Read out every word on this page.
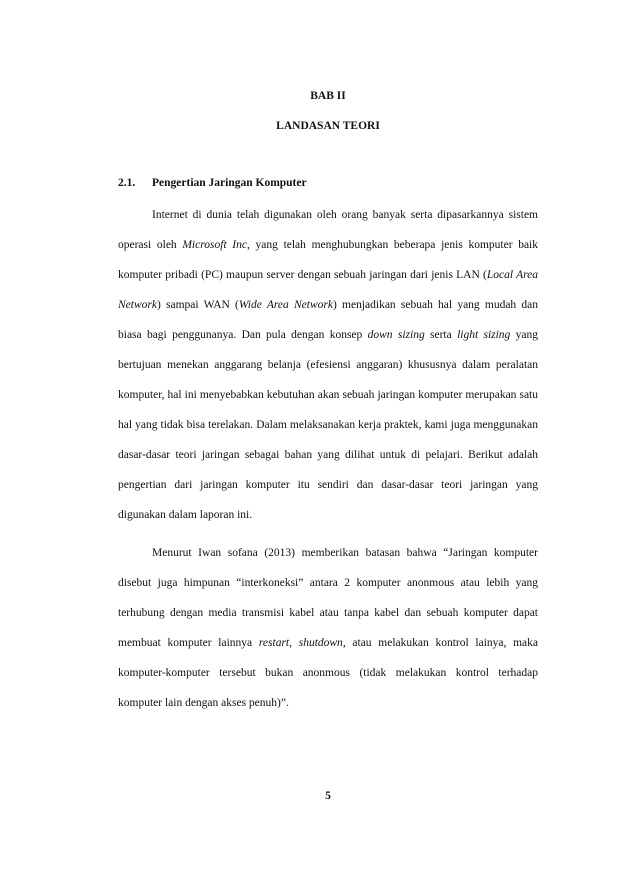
BAB II
LANDASAN TEORI
2.1. Pengertian Jaringan Komputer

Internet di dunia telah digunakan oleh orang banyak serta dipasarkannya sistem operasi oleh Microsoft Inc, yang telah menghubungkan beberapa jenis komputer baik komputer pribadi (PC) maupun server dengan sebuah jaringan dari jenis LAN (Local Area Network) sampai WAN (Wide Area Network) menjadikan sebuah hal yang mudah dan biasa bagi penggunanya. Dan pula dengan konsep down sizing serta light sizing yang bertujuan menekan anggarang belanja (efesiensi anggaran) khususnya dalam peralatan komputer, hal ini menyebabkan kebutuhan akan sebuah jaringan komputer merupakan satu hal yang tidak bisa terelakan. Dalam melaksanakan kerja praktek, kami juga menggunakan dasar-dasar teori jaringan sebagai bahan yang dilihat untuk di pelajari. Berikut adalah pengertian dari jaringan komputer itu sendiri dan dasar-dasar teori jaringan yang digunakan dalam laporan ini.

Menurut Iwan sofana (2013) memberikan batasan bahwa “Jaringan komputer disebut juga himpunan “interkoneksi” antara 2 komputer anonmous atau lebih yang terhubung dengan media transmisi kabel atau tanpa kabel dan sebuah komputer dapat membuat komputer lainnya restart, shutdown, atau melakukan kontrol lainya, maka komputer-komputer tersebut bukan anonmous (tidak melakukan kontrol terhadap komputer lain dengan akses penuh)”.

5
